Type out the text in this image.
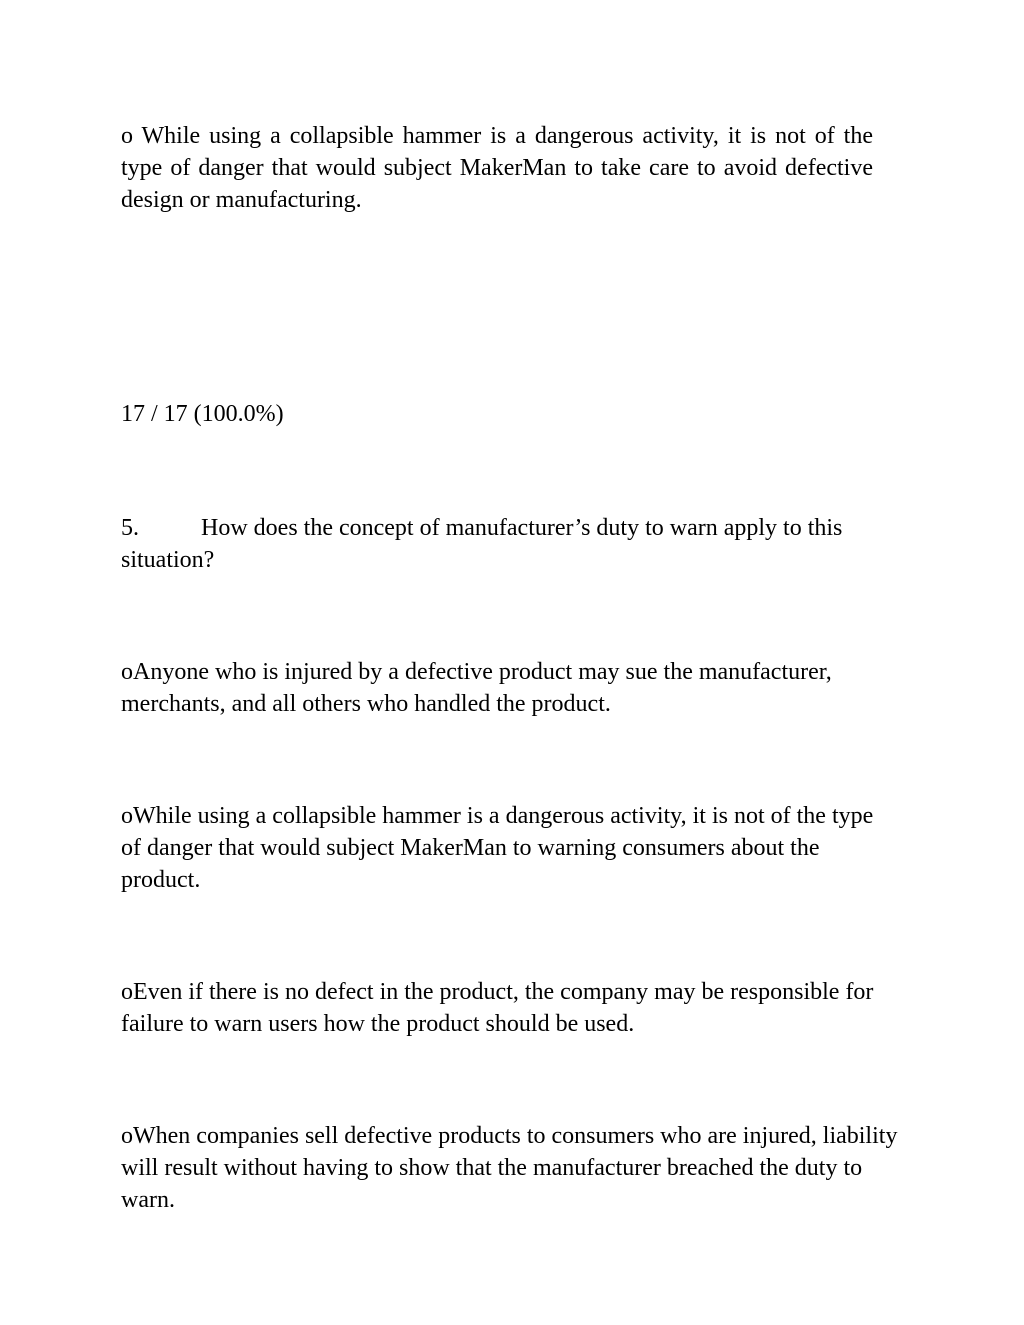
o While using a collapsible hammer is a dangerous activity, it is not of the type of danger that would subject MakerMan to take care to avoid defective design or manufacturing.

17 / 17 (100.0%)

5.	How does the concept of manufacturer’s duty to warn apply to this situation?

oAnyone who is injured by a defective product may sue the manufacturer, merchants, and all others who handled the product.

oWhile using a collapsible hammer is a dangerous activity, it is not of the type of danger that would subject MakerMan to warning consumers about the product.

oEven if there is no defect in the product, the company may be responsible for failure to warn users how the product should be used.

oWhen companies sell defective products to consumers who are injured, liability will result without having to show that the manufacturer breached the duty to warn.
